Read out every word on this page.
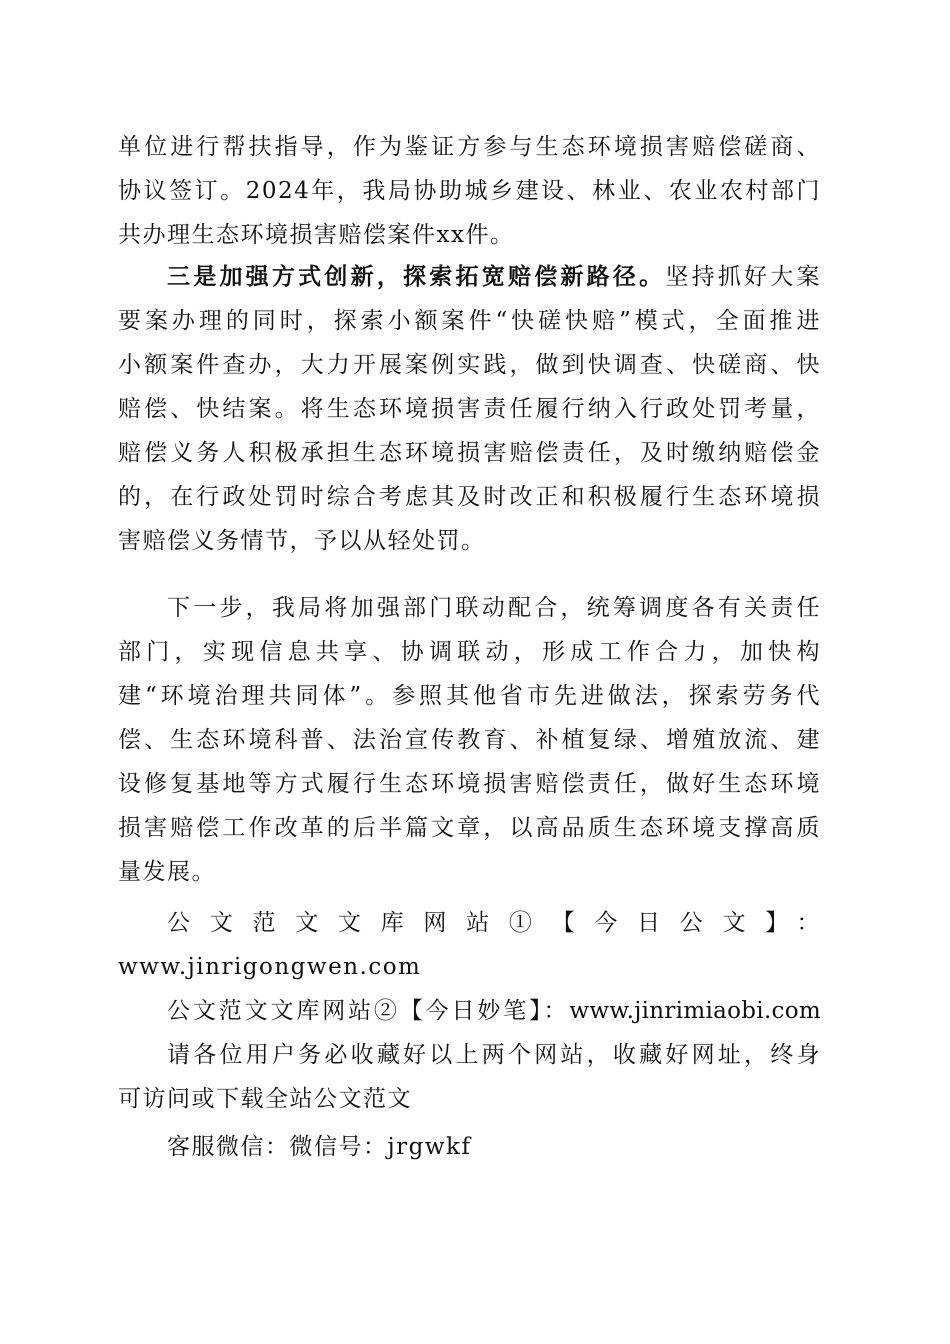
单位进行帮扶指导，作为鉴证方参与生态环境损害赔偿磋商、
协议签订。2024年，我局协助城乡建设、林业、农业农村部门
共办理生态环境损害赔偿案件xx件。
三是加强方式创新，探索拓宽赔偿新路径。坚持抓好大案
要案办理的同时，探索小额案件“快磋快赔”模式，全面推进
小额案件查办，大力开展案例实践，做到快调查、快磋商、快
赔偿、快结案。将生态环境损害责任履行纳入行政处罚考量，
赔偿义务人积极承担生态环境损害赔偿责任，及时缴纳赔偿金
的，在行政处罚时综合考虑其及时改正和积极履行生态环境损
害赔偿义务情节，予以从轻处罚。
下一步，我局将加强部门联动配合，统筹调度各有关责任
部门，实现信息共享、协调联动，形成工作合力，加快构
建“环境治理共同体”。参照其他省市先进做法，探索劳务代
偿、生态环境科普、法治宣传教育、补植复绿、增殖放流、建
设修复基地等方式履行生态环境损害赔偿责任，做好生态环境
损害赔偿工作改革的后半篇文章，以高品质生态环境支撑高质
量发展。
公文范文文库网站①【今日公文】：
www.jinrigongwen.com
公文范文文库网站②【今日妙笔】：www.jinrimiaobi.com
请各位用户务必收藏好以上两个网站，收藏好网址，终身
可访问或下载全站公文范文
客服微信：微信号：jrgwkf
